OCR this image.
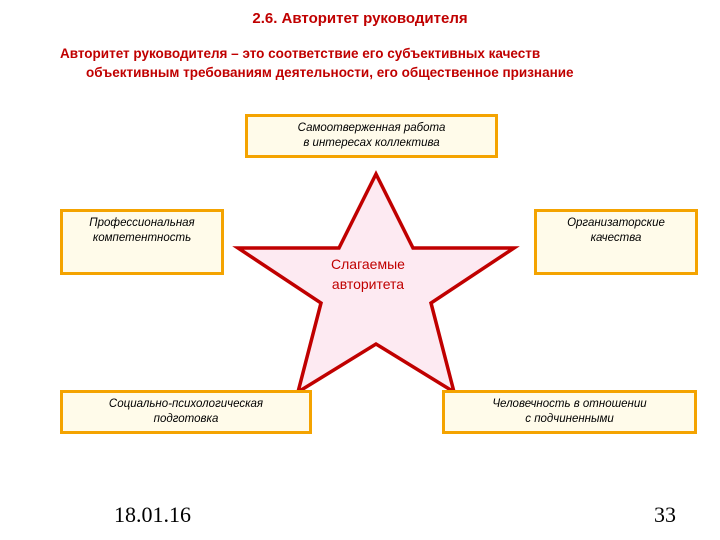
2.6. Авторитет руководителя
Авторитет руководителя – это соответствие его субъективных качеств
объективным требованиям деятельности, его общественное признание
Слагаемые
авторитета
Самоотверженная работа
в интересах коллектива
Профессиональная
компетентность
Организаторские
качества
Социально-психологическая
подготовка
Человечность в отношении
с подчиненными
18.01.16	33
